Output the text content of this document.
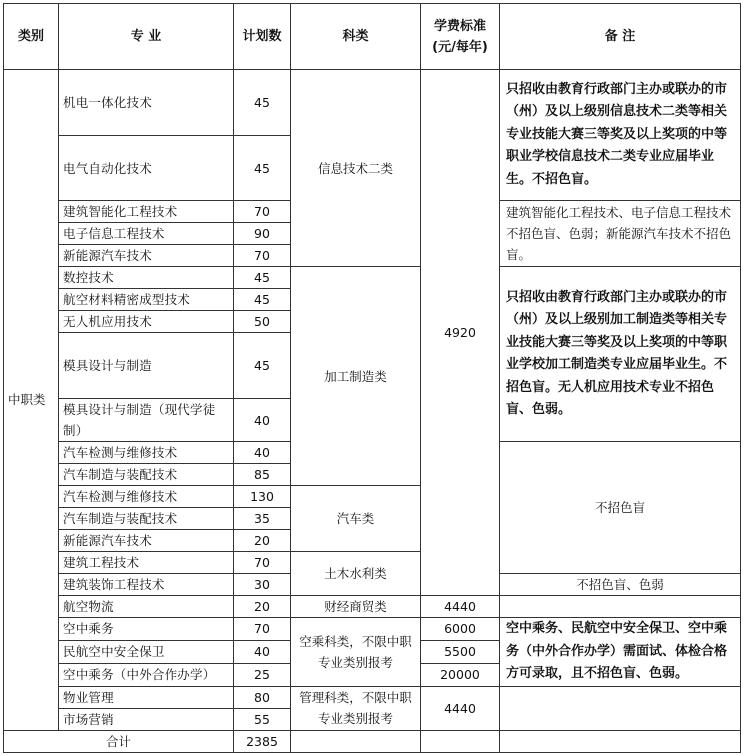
类别	专 业	计划数	科类	学费标准(元/每年)	备 注
中职类	机电一体化技术	45	信息技术二类	4920	只招收由教育行政部门主办或联办的市（州）及以上级别信息技术二类等相关专业技能大赛三等奖及以上奖项的中等职业学校信息技术二类专业应届毕业生。不招色盲。
	电气自动化技术	45			
	建筑智能化工程技术	70			建筑智能化工程技术、电子信息工程技术不招色盲、色弱；新能源汽车技术不招色盲。
	电子信息工程技术	90			
	新能源汽车技术	70			
	数控技术	45	加工制造类		只招收由教育行政部门主办或联办的市（州）及以上级别加工制造类等相关专业技能大赛三等奖及以上奖项的中等职业学校加工制造类专业应届毕业生。不招色盲。无人机应用技术专业不招色盲、色弱。
	航空材料精密成型技术	45			
	无人机应用技术	50			
	模具设计与制造	45			
	模具设计与制造（现代学徒制）	40			
	汽车检测与维修技术	40			不招色盲
	汽车制造与装配技术	85			
	汽车检测与维修技术	130	汽车类		
	汽车制造与装配技术	35			
	新能源汽车技术	20			
	建筑工程技术	70	土木水利类		
	建筑装饰工程技术	30			不招色盲、色弱
	航空物流	20	财经商贸类	4440	
	空中乘务	70	空乘科类，不限中职专业类别报考	6000	空中乘务、民航空中安全保卫、空中乘务（中外合作办学）需面试、体检合格方可录取，且不招色盲、色弱。
	民航空中安全保卫	40		5500	
	空中乘务（中外合作办学）	25		20000	
	物业管理	80	管理科类，不限中职专业类别报考	4440	
	市场营销	55			
合计		2385			
